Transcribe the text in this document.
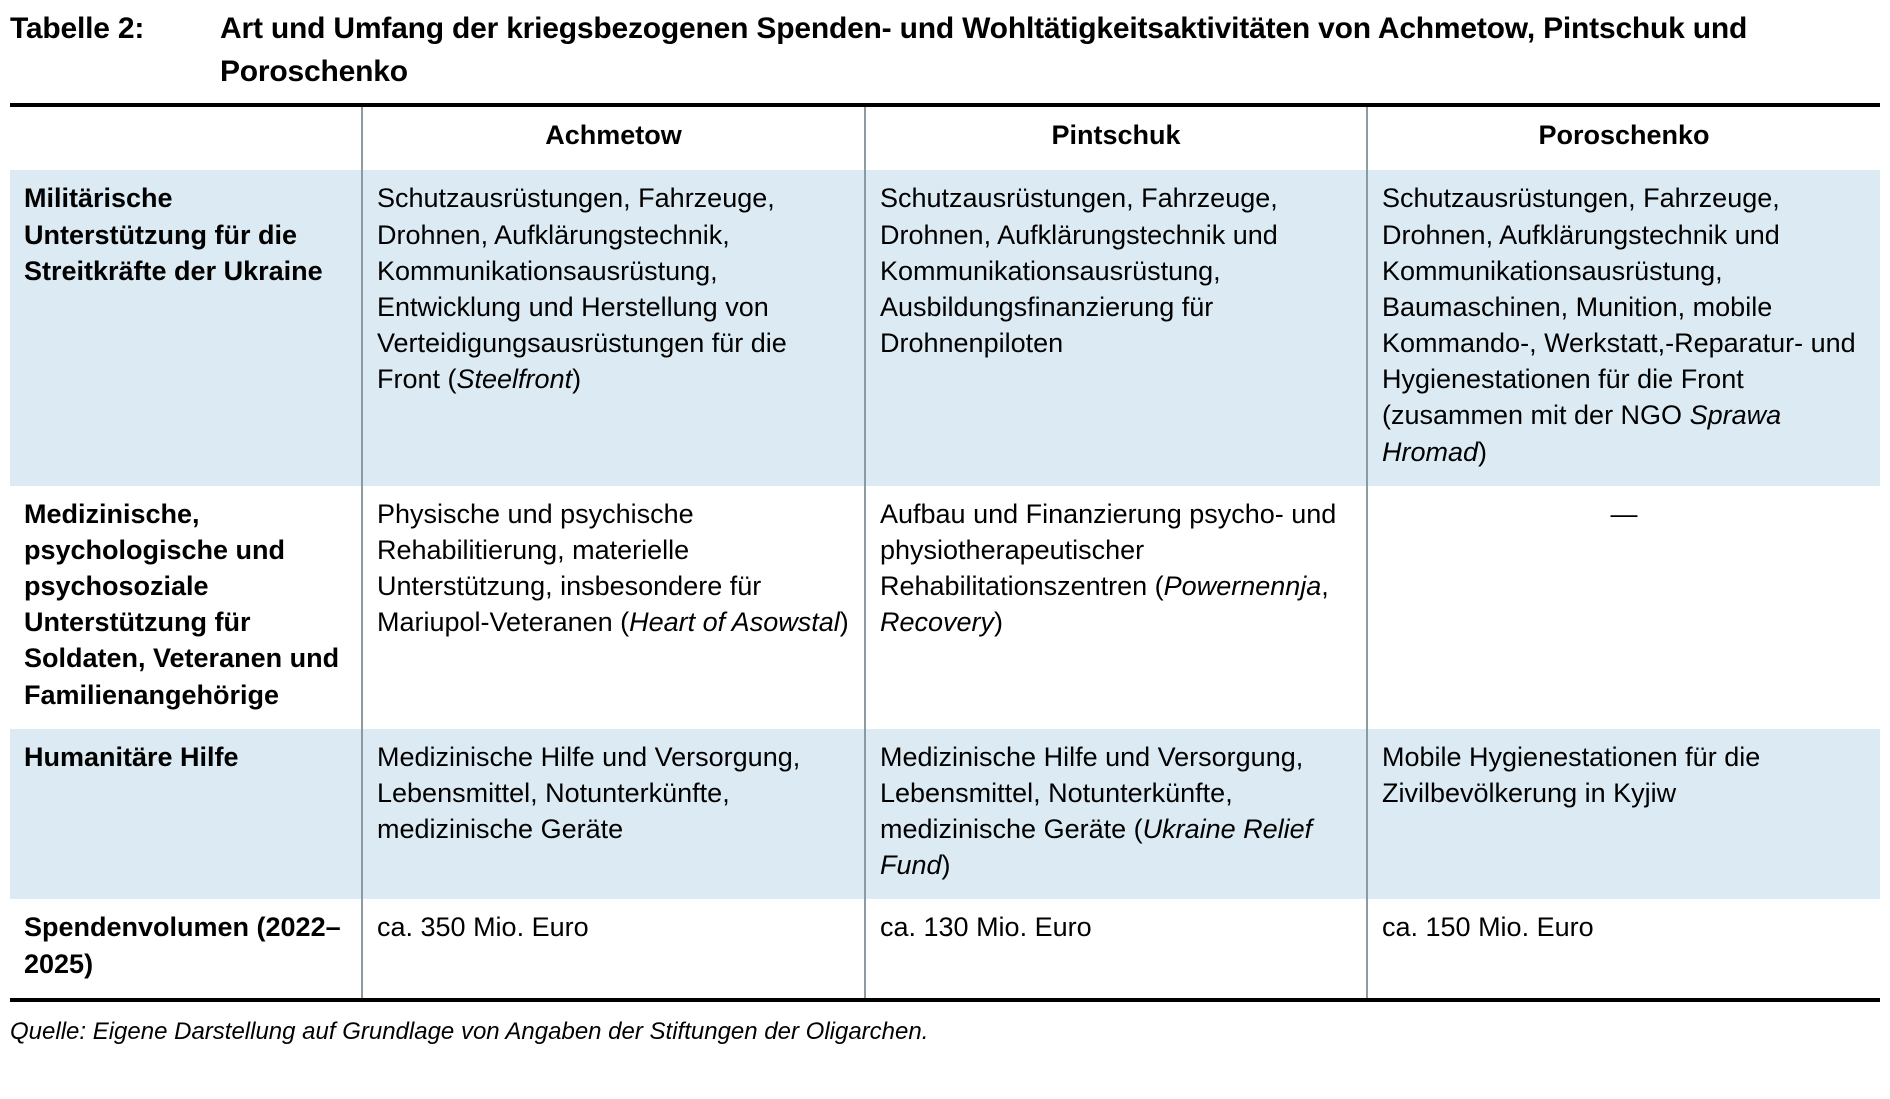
Tabelle 2:	Art und Umfang der kriegsbezogenen Spenden- und Wohltätigkeitsaktivitäten von Achmetow, Pintschuk und Poroschenko
	Achmetow	Pintschuk	Poroschenko
Militärische Unterstützung für die Streitkräfte der Ukraine	Schutzausrüstungen, Fahrzeuge, Drohnen, Aufklärungstechnik, Kommunikationsausrüstung, Entwicklung und Herstellung von Verteidigungsausrüstungen für die Front (Steelfront)	Schutzausrüstungen, Fahrzeuge, Drohnen, Aufklärungstechnik und Kommunikationsausrüstung, Ausbildungsfinanzierung für Drohnenpiloten	Schutzausrüstungen, Fahrzeuge, Drohnen, Aufklärungstechnik und Kommunikationsausrüstung, Baumaschinen, Munition, mobile Kommando-, Werkstatt,-Reparatur- und Hygienestationen für die Front (zusammen mit der NGO Sprawa Hromad)
Medizinische, psychologische und psychosoziale Unterstützung für Soldaten, Veteranen und Familienangehörige	Physische und psychische Rehabilitierung, materielle Unterstützung, insbesondere für Mariupol-Veteranen (Heart of Asowstal)	Aufbau und Finanzierung psycho- und physiotherapeutischer Rehabilitationszentren (Powernennja, Recovery)	—
Humanitäre Hilfe	Medizinische Hilfe und Versorgung, Lebensmittel, Notunterkünfte, medizinische Geräte	Medizinische Hilfe und Versorgung, Lebensmittel, Notunterkünfte, medizinische Geräte (Ukraine Relief Fund)	Mobile Hygienestationen für die Zivilbevölkerung in Kyjiw
Spendenvolumen (2022–2025)	ca. 350 Mio. Euro	ca. 130 Mio. Euro	ca. 150 Mio. Euro
Quelle: Eigene Darstellung auf Grundlage von Angaben der Stiftungen der Oligarchen.
